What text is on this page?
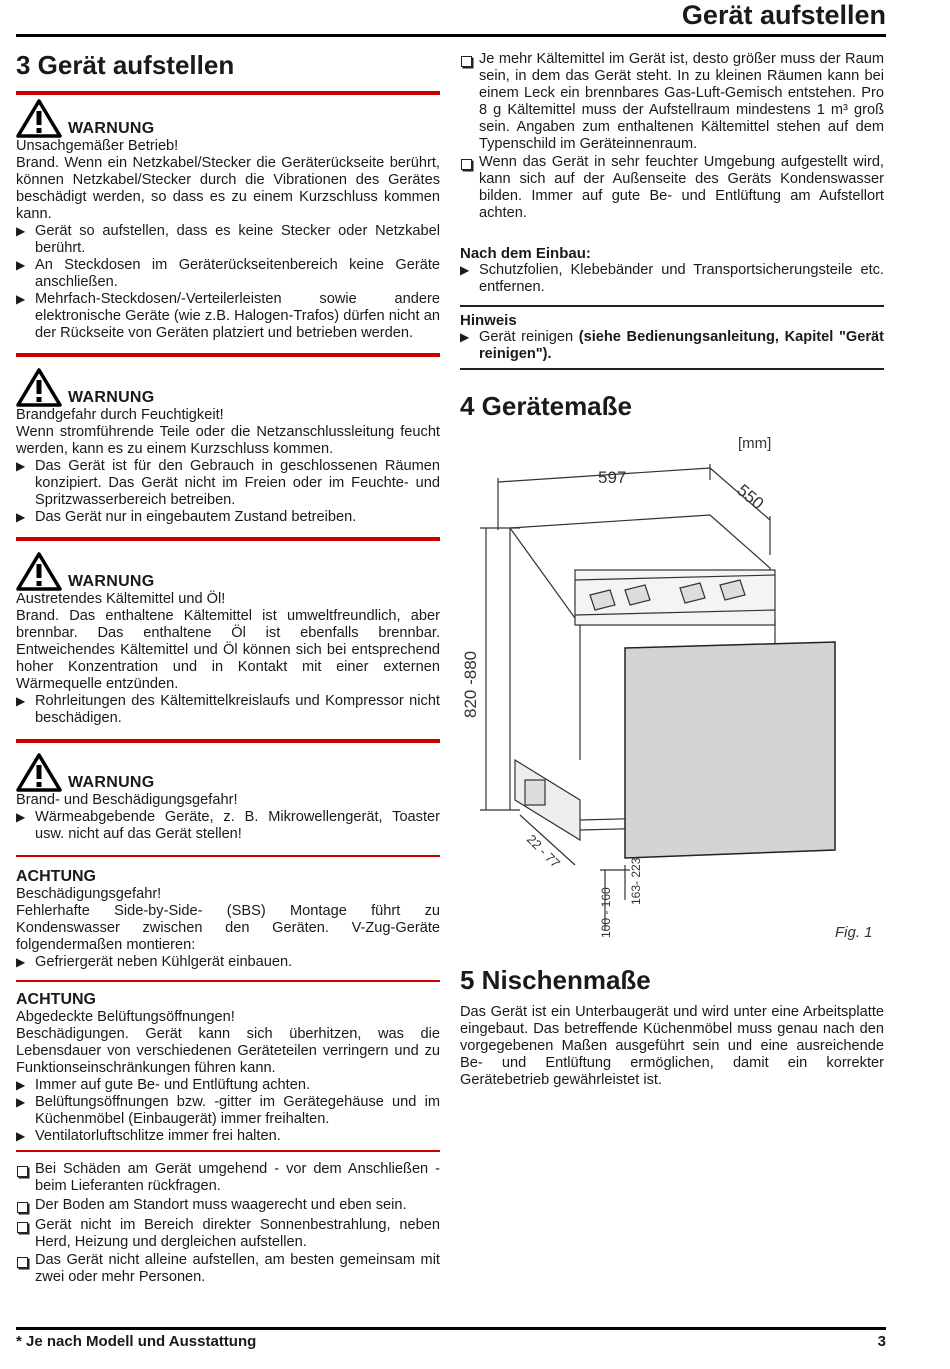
Gerät aufstellen
3 Gerät aufstellen
WARNUNG

Unsachgemäßer Betrieb!

Brand. Wenn ein Netzkabel/Stecker die Geräterückseite berührt, können Netzkabel/Stecker durch die Vibrationen des Gerätes beschädigt werden, so dass es zu einem Kurzschluss kommen kann.

▶ Gerät so aufstellen, dass es keine Stecker oder Netzkabel berührt.

▶ An Steckdosen im Geräterückseitenbereich keine Geräte anschließen.

▶ Mehrfach-Steckdosen/-Verteilerleisten sowie andere elektronische Geräte (wie z.B. Halogen-Trafos) dürfen nicht an der Rückseite von Geräten platziert und betrieben werden.

WARNUNG

Brandgefahr durch Feuchtigkeit!

Wenn stromführende Teile oder die Netzanschlussleitung feucht werden, kann es zu einem Kurzschluss kommen.

▶ Das Gerät ist für den Gebrauch in geschlossenen Räumen konzipiert. Das Gerät nicht im Freien oder im Feuchte- und Spritzwasserbereich betreiben.

▶ Das Gerät nur in eingebautem Zustand betreiben.

WARNUNG

Austretendes Kältemittel und Öl!

Brand. Das enthaltene Kältemittel ist umweltfreundlich, aber brennbar. Das enthaltene Öl ist ebenfalls brennbar. Entweichendes Kältemittel und Öl können sich bei entsprechend hoher Konzentration und in Kontakt mit einer externen Wärmequelle entzünden.

▶ Rohrleitungen des Kältemittelkreislaufs und Kompressor nicht beschädigen.

WARNUNG

Brand- und Beschädigungsgefahr!

▶ Wärmeabgebende Geräte, z. B. Mikrowellengerät, Toaster usw. nicht auf das Gerät stellen!

ACHTUNG

Beschädigungsgefahr!

Fehlerhafte Side-by-Side- (SBS) Montage führt zu Kondenswasser zwischen den Geräten. V-Zug-Geräte folgendermaßen montieren:

▶ Gefriergerät neben Kühlgerät einbauen.

ACHTUNG

Abgedeckte Belüftungsöffnungen!

Beschädigungen. Gerät kann sich überhitzen, was die Lebensdauer von verschiedenen Geräteteilen verringern und zu Funktionseinschränkungen führen kann.

▶ Immer auf gute Be- und Entlüftung achten.

▶ Belüftungsöffnungen bzw. -gitter im Gerätegehäuse und im Küchenmöbel (Einbaugerät) immer freihalten.

▶ Ventilatorluftschlitze immer frei halten.

Bei Schäden am Gerät umgehend - vor dem Anschließen - beim Lieferanten rückfragen.

Der Boden am Standort muss waagerecht und eben sein.

Gerät nicht im Bereich direkter Sonnenbestrahlung, neben Herd, Heizung und dergleichen aufstellen.

Das Gerät nicht alleine aufstellen, am besten gemeinsam mit zwei oder mehr Personen.

Je mehr Kältemittel im Gerät ist, desto größer muss der Raum sein, in dem das Gerät steht. In zu kleinen Räumen kann bei einem Leck ein brennbares Gas-Luft-Gemisch entstehen. Pro 8 g Kältemittel muss der Aufstellraum mindestens 1 m³ groß sein. Angaben zum enthaltenen Kältemittel stehen auf dem Typenschild im Geräteinnenraum.

Wenn das Gerät in sehr feuchter Umgebung aufgestellt wird, kann sich auf der Außenseite des Geräts Kondenswasser bilden. Immer auf gute Be- und Entlüftung am Aufstellort achten.

Nach dem Einbau:

▶ Schutzfolien, Klebebänder und Transportsicherungsteile etc. entfernen.

Hinweis

▶ Gerät reinigen (siehe Bedienungsanleitung, Kapitel "Gerät reinigen").

4 Gerätemaße
[mm]
597
550
820 -880
22 - 77
100 - 160
163- 223
Fig. 1
5 Nischenmaße

Das Gerät ist ein Unterbaugerät und wird unter eine Arbeitsplatte eingebaut. Das betreffende Küchenmöbel muss genau nach den vorgegebenen Maßen ausgeführt sein und eine ausreichende Be- und Entlüftung ermöglichen, damit ein korrekter Gerätebetrieb gewährleistet ist.

* Je nach Modell und Ausstattung	3
